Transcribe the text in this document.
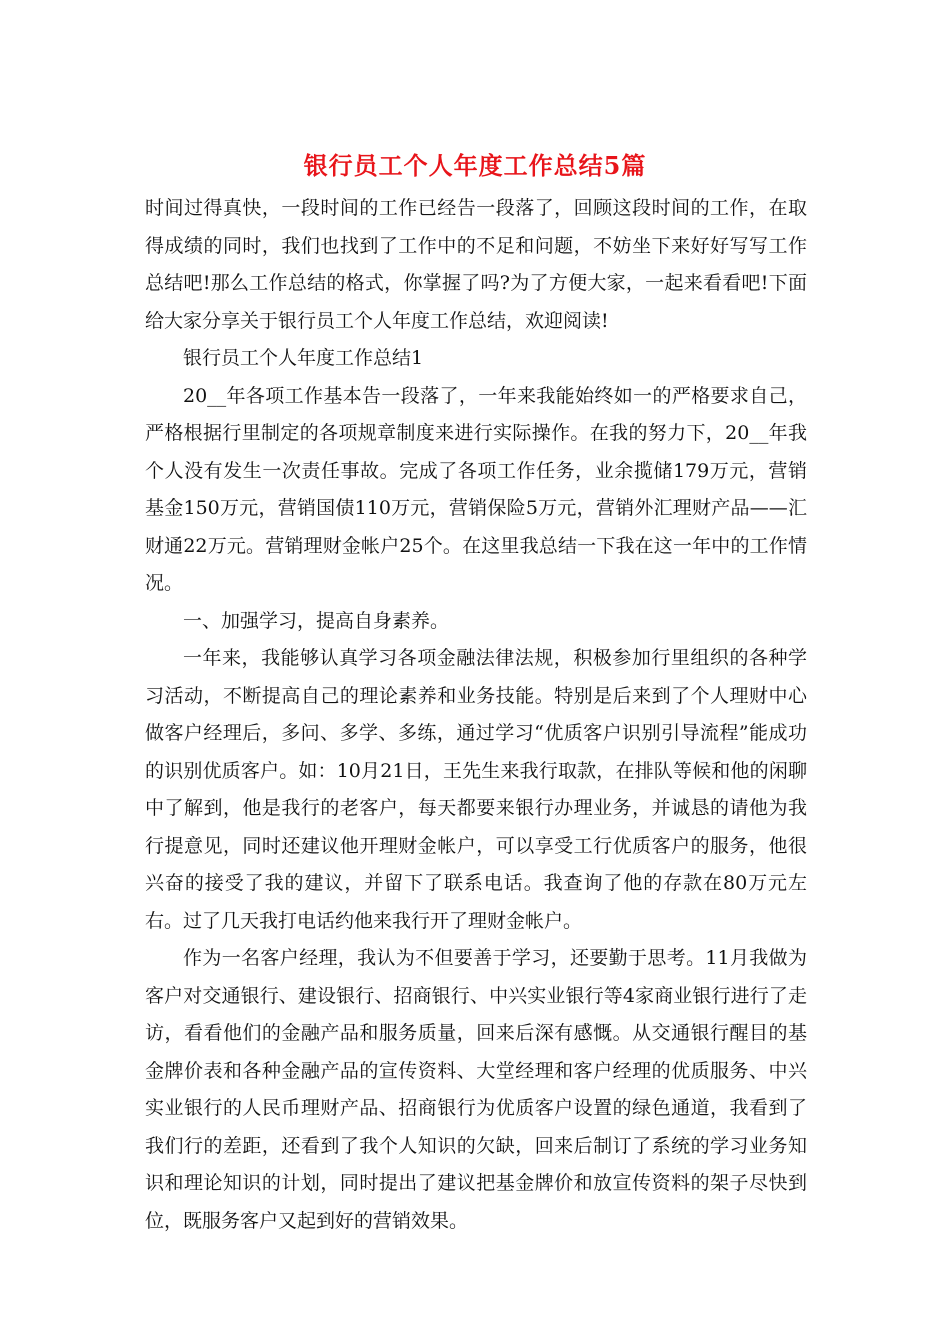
银行员工个人年度工作总结5篇

时间过得真快，一段时间的工作已经告一段落了，回顾这段时间的工作，在取得成绩的同时，我们也找到了工作中的不足和问题，不妨坐下来好好写写工作总结吧!那么工作总结的格式，你掌握了吗?为了方便大家，一起来看看吧!下面给大家分享关于银行员工个人年度工作总结，欢迎阅读!

银行员工个人年度工作总结1

20__年各项工作基本告一段落了，一年来我能始终如一的严格要求自己，严格根据行里制定的各项规章制度来进行实际操作。在我的努力下，20__年我个人没有发生一次责任事故。完成了各项工作任务，业余揽储179万元，营销基金150万元，营销国债110万元，营销保险5万元，营销外汇理财产品——汇财通22万元。营销理财金帐户25个。在这里我总结一下我在这一年中的工作情况。

一、加强学习，提高自身素养。

一年来，我能够认真学习各项金融法律法规，积极参加行里组织的各种学习活动，不断提高自己的理论素养和业务技能。特别是后来到了个人理财中心做客户经理后，多问、多学、多练，通过学习“优质客户识别引导流程”能成功的识别优质客户。如：10月21日，王先生来我行取款，在排队等候和他的闲聊中了解到，他是我行的老客户，每天都要来银行办理业务，并诚恳的请他为我行提意见，同时还建议他开理财金帐户，可以享受工行优质客户的服务，他很兴奋的接受了我的建议，并留下了联系电话。我查询了他的存款在80万元左右。过了几天我打电话约他来我行开了理财金帐户。

作为一名客户经理，我认为不但要善于学习，还要勤于思考。11月我做为客户对交通银行、建设银行、招商银行、中兴实业银行等4家商业银行进行了走访，看看他们的金融产品和服务质量，回来后深有感慨。从交通银行醒目的基金牌价表和各种金融产品的宣传资料、大堂经理和客户经理的优质服务、中兴实业银行的人民币理财产品、招商银行为优质客户设置的绿色通道，我看到了我们行的差距，还看到了我个人知识的欠缺，回来后制订了系统的学习业务知识和理论知识的计划，同时提出了建议把基金牌价和放宣传资料的架子尽快到位，既服务客户又起到好的营销效果。
